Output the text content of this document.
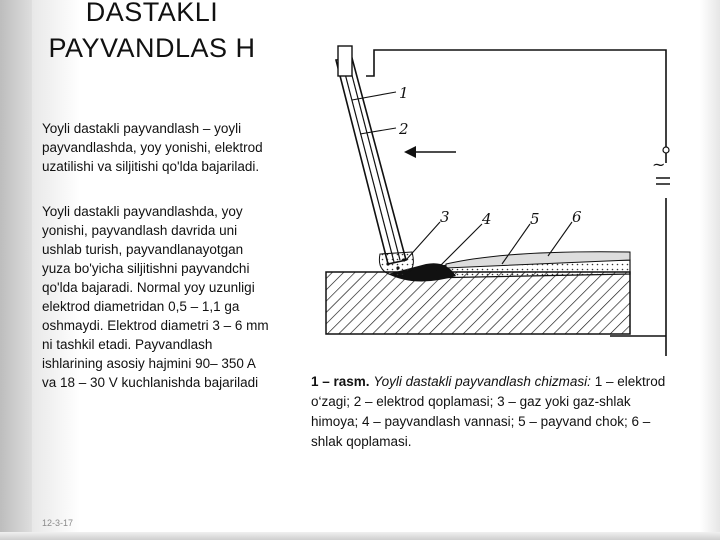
DASTAKLI PAYVANDLAS H
Yoyli dastakli payvandlash – yoyli payvandlashda, yoy yonishi, elektrod uzatilishi va siljitishi qo'lda bajariladi.
Yoyli dastakli payvandlashda, yoy yonishi, payvandlash davrida uni ushlab turish, payvandlanayotgan yuza bo'yicha siljitishni payvandchi qo'lda bajaradi. Normal yoy uzunligi elektrod diametridan 0,5 – 1,1 ga oshmaydi. Elektrod diametri 3 – 6 mm ni tashkil etadi. Payvandlash ishlarining asosiy hajmini 90– 350 A va 18 – 30 V kuchlanishda bajariladi
~
1
2
3 4	5 6
1 – rasm. Yoyli dastakli payvandlash chizmasi: 1 – elektrod o‘zagi; 2 – elektrod qoplamasi; 3 – gaz yoki gaz-shlak himoya; 4 – payvandlash vannasi; 5 – payvand chok; 6 – shlak qoplamasi.
12-3-17
